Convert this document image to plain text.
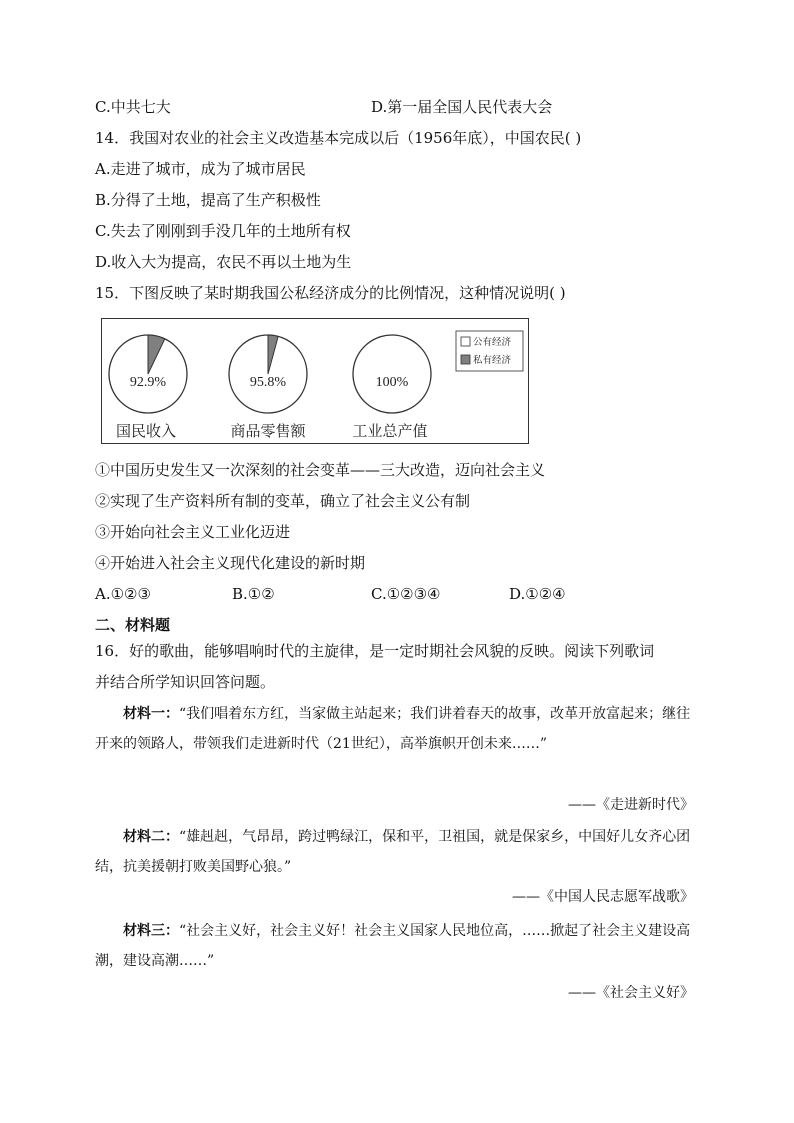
C.中共七大	D.第一届全国人民代表大会
14．我国对农业的社会主义改造基本完成以后（1956年底），中国农民( )
A.走进了城市，成为了城市居民
B.分得了土地，提高了生产积极性
C.失去了刚刚到手没几年的土地所有权
D.收入大为提高，农民不再以土地为生
15．下图反映了某时期我国公私经济成分的比例情况，这种情况说明( )
92.9%
国民收入
95.8%
商品零售额
100%
工业总产值
公有经济
私有经济
①中国历史发生又一次深刻的社会变革——三大改造，迈向社会主义
②实现了生产资料所有制的变革，确立了社会主义公有制
③开始向社会主义工业化迈进
④开始进入社会主义现代化建设的新时期
A.①②③	B.①②	C.①②③④	D.①②④
二、材料题
16．好的歌曲，能够唱响时代的主旋律，是一定时期社会风貌的反映。阅读下列歌词
并结合所学知识回答问题。
材料一：“我们唱着东方红，当家做主站起来；我们讲着春天的故事，改革开放富起来；继往开来的领路人，带领我们走进新时代（21世纪），高举旗帜开创未来……”
——《走进新时代》
材料二：“雄赳赳，气昂昂，跨过鸭绿江，保和平，卫祖国，就是保家乡，中国好儿女齐心团结，抗美援朝打败美国野心狼。”
——《中国人民志愿军战歌》
材料三：“社会主义好，社会主义好！社会主义国家人民地位高，……掀起了社会主义建设高潮，建设高潮……”
——《社会主义好》
